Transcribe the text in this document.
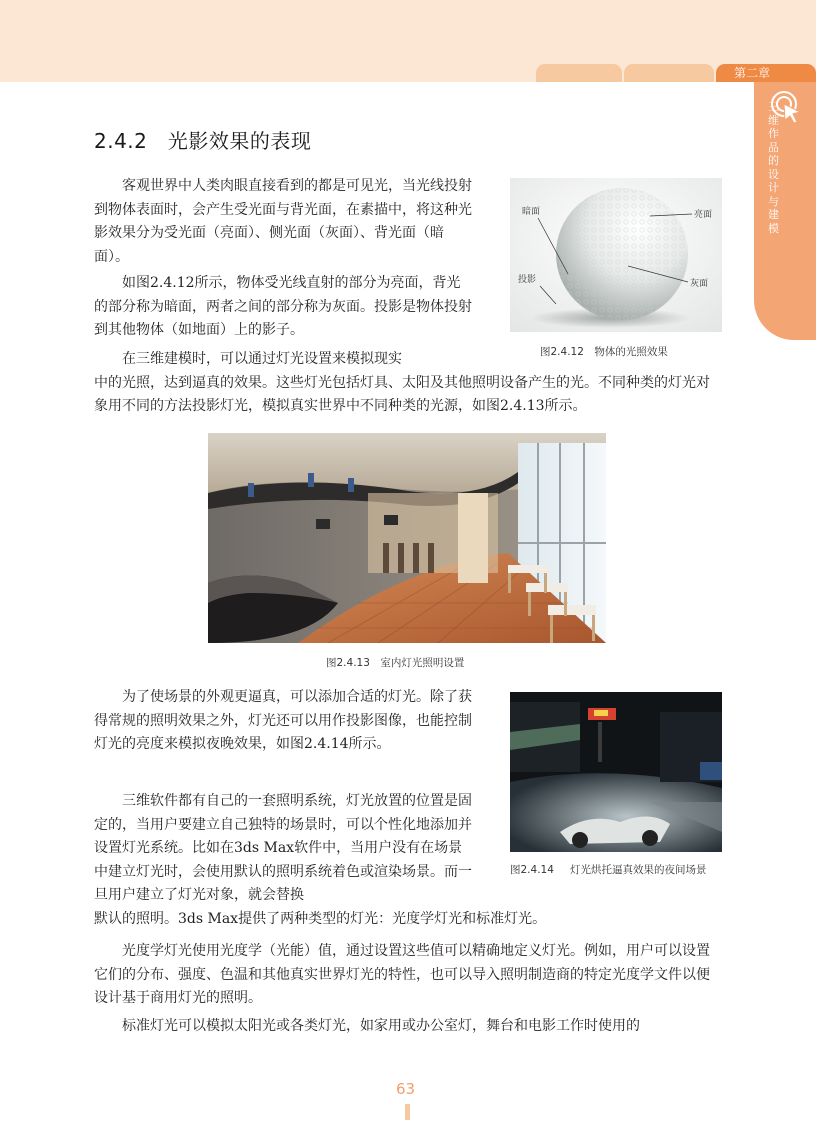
第二章
三维作品的设计与建模
2.4.2　光影效果的表现
客观世界中人类肉眼直接看到的都是可见光，当光线投射到物体表面时，会产生受光面与背光面，在素描中，将这种光影效果分为受光面（亮面）、侧光面（灰面）、背光面（暗面）。
如图2.4.12所示，物体受光线直射的部分为亮面，背光的部分称为暗面，两者之间的部分称为灰面。投影是物体投射到其他物体（如地面）上的影子。
在三维建模时，可以通过灯光设置来模拟现实
中的光照，达到逼真的效果。这些灯光包括灯具、太阳及其他照明设备产生的光。不同种类的灯光对象用不同的方法投影灯光，模拟真实世界中不同种类的光源，如图2.4.13所示。
暗面	亮面
投影	灰面
图2.4.12　物体的光照效果
图2.4.13　室内灯光照明设置
为了使场景的外观更逼真，可以添加合适的灯光。除了获得常规的照明效果之外，灯光还可以用作投影图像，也能控制灯光的亮度来模拟夜晚效果，如图2.4.14所示。
三维软件都有自己的一套照明系统，灯光放置的位置是固定的，当用户要建立自己独特的场景时，可以个性化地添加并设置灯光系统。比如在3ds Max软件中，当用户没有在场景中建立灯光时，会使用默认的照明系统着色或渲染场景。而一旦用户建立了灯光对象，就会替换
默认的照明。3ds Max提供了两种类型的灯光：光度学灯光和标准灯光。
光度学灯光使用光度学（光能）值，通过设置这些值可以精确地定义灯光。例如，用户可以设置它们的分布、强度、色温和其他真实世界灯光的特性，也可以导入照明制造商的特定光度学文件以便设计基于商用灯光的照明。
标准灯光可以模拟太阳光或各类灯光，如家用或办公室灯，舞台和电影工作时使用的
图2.4.14 灯光烘托逼真效果的夜间场景
63
